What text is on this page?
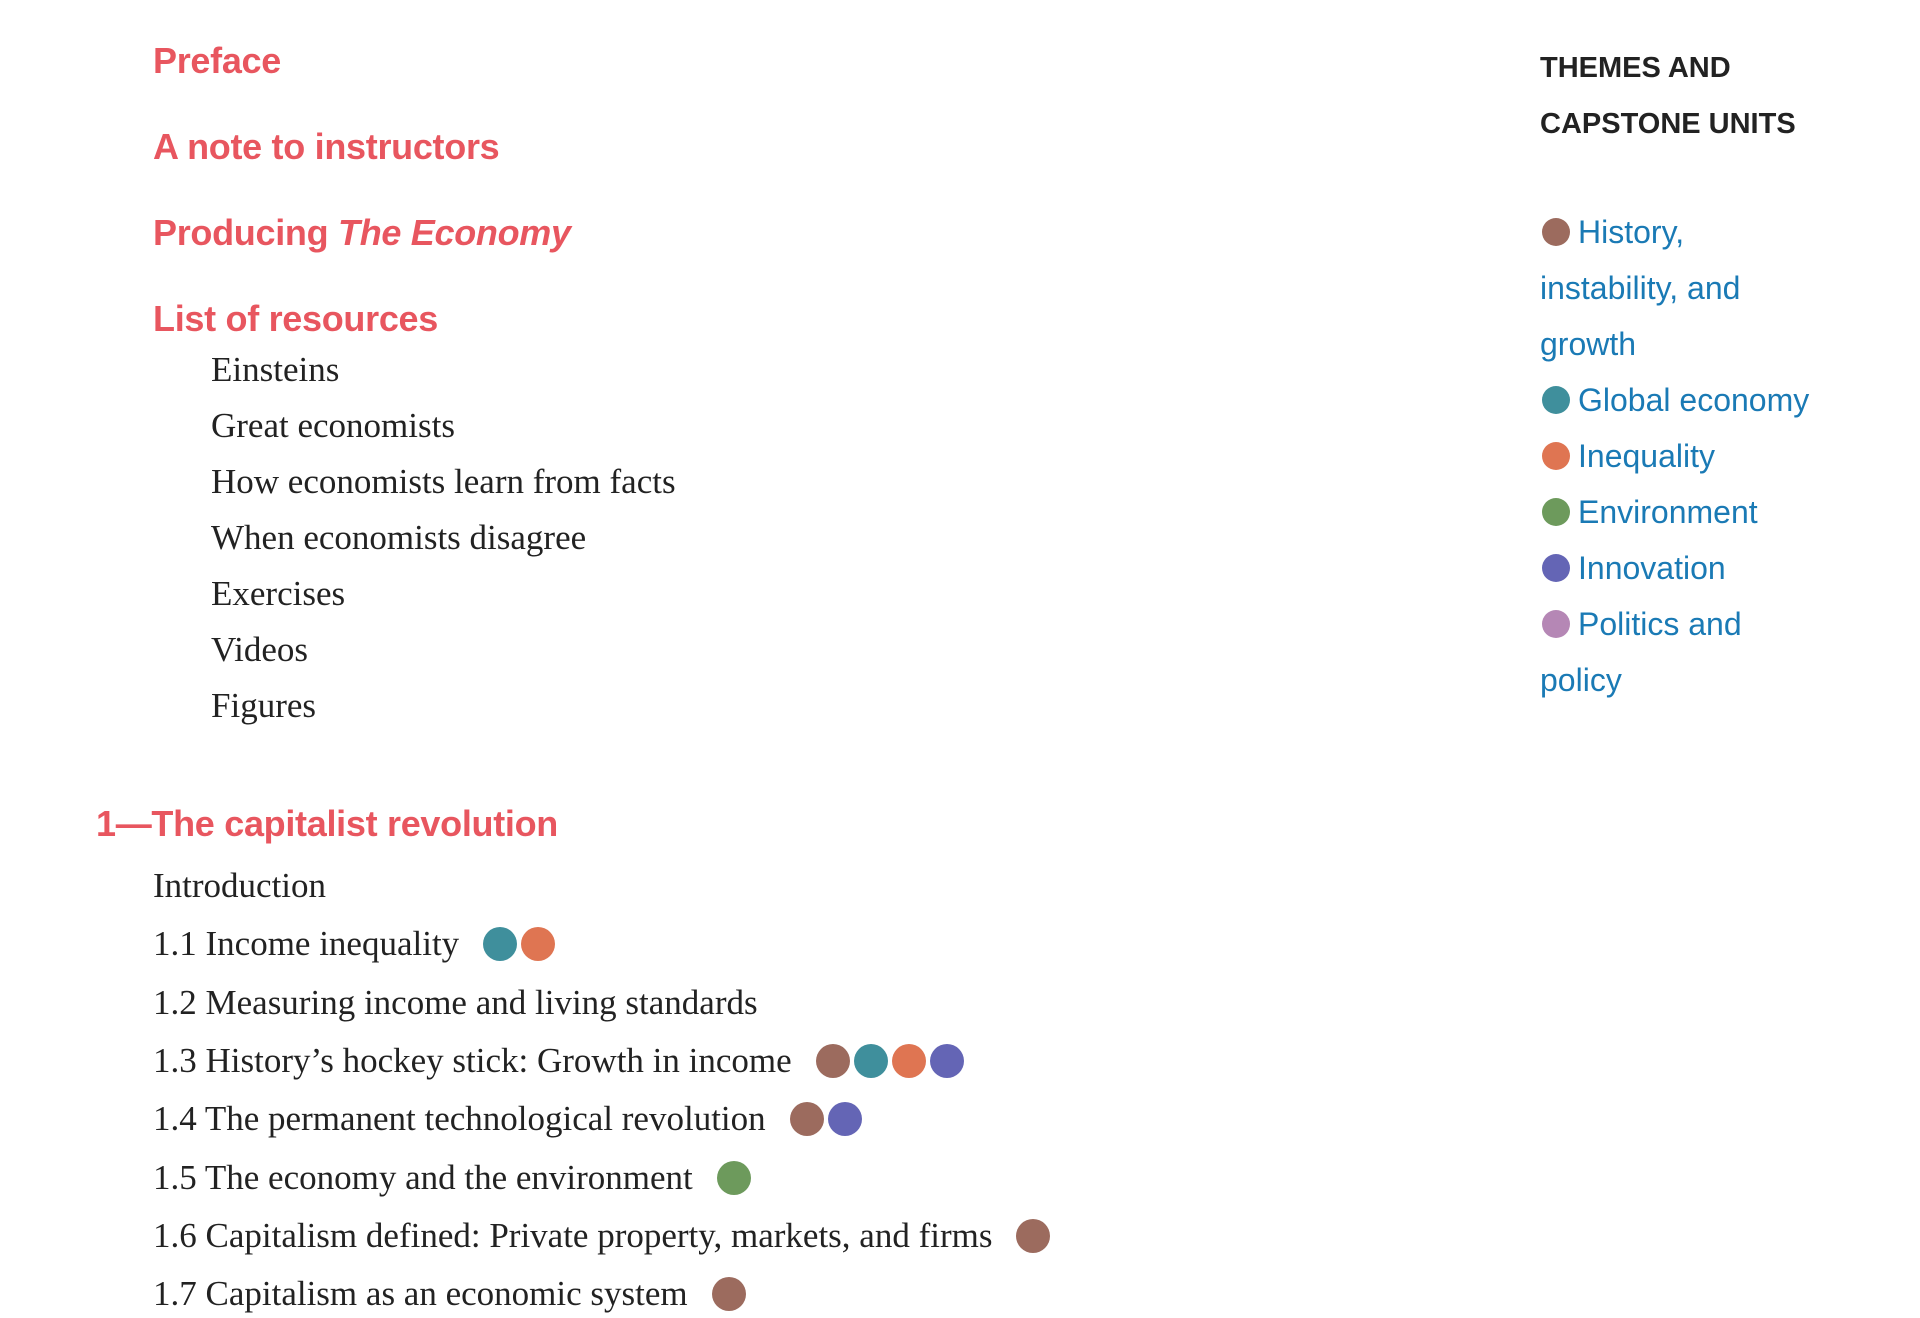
Preface
A note to instructors
Producing The Economy
List of resources
Einsteins
Great economists
How economists learn from facts
When economists disagree
Exercises
Videos
Figures
1—The capitalist revolution
Introduction
1.1 Income inequality
1.2 Measuring income and living standards
1.3 History’s hockey stick: Growth in income
1.4 The permanent technological revolution
1.5 The economy and the environment
1.6 Capitalism defined: Private property, markets, and firms
1.7 Capitalism as an economic system
THEMES AND CAPSTONE UNITS
History, instability, and growth
Global economy
Inequality
Environment
Innovation
Politics and policy
